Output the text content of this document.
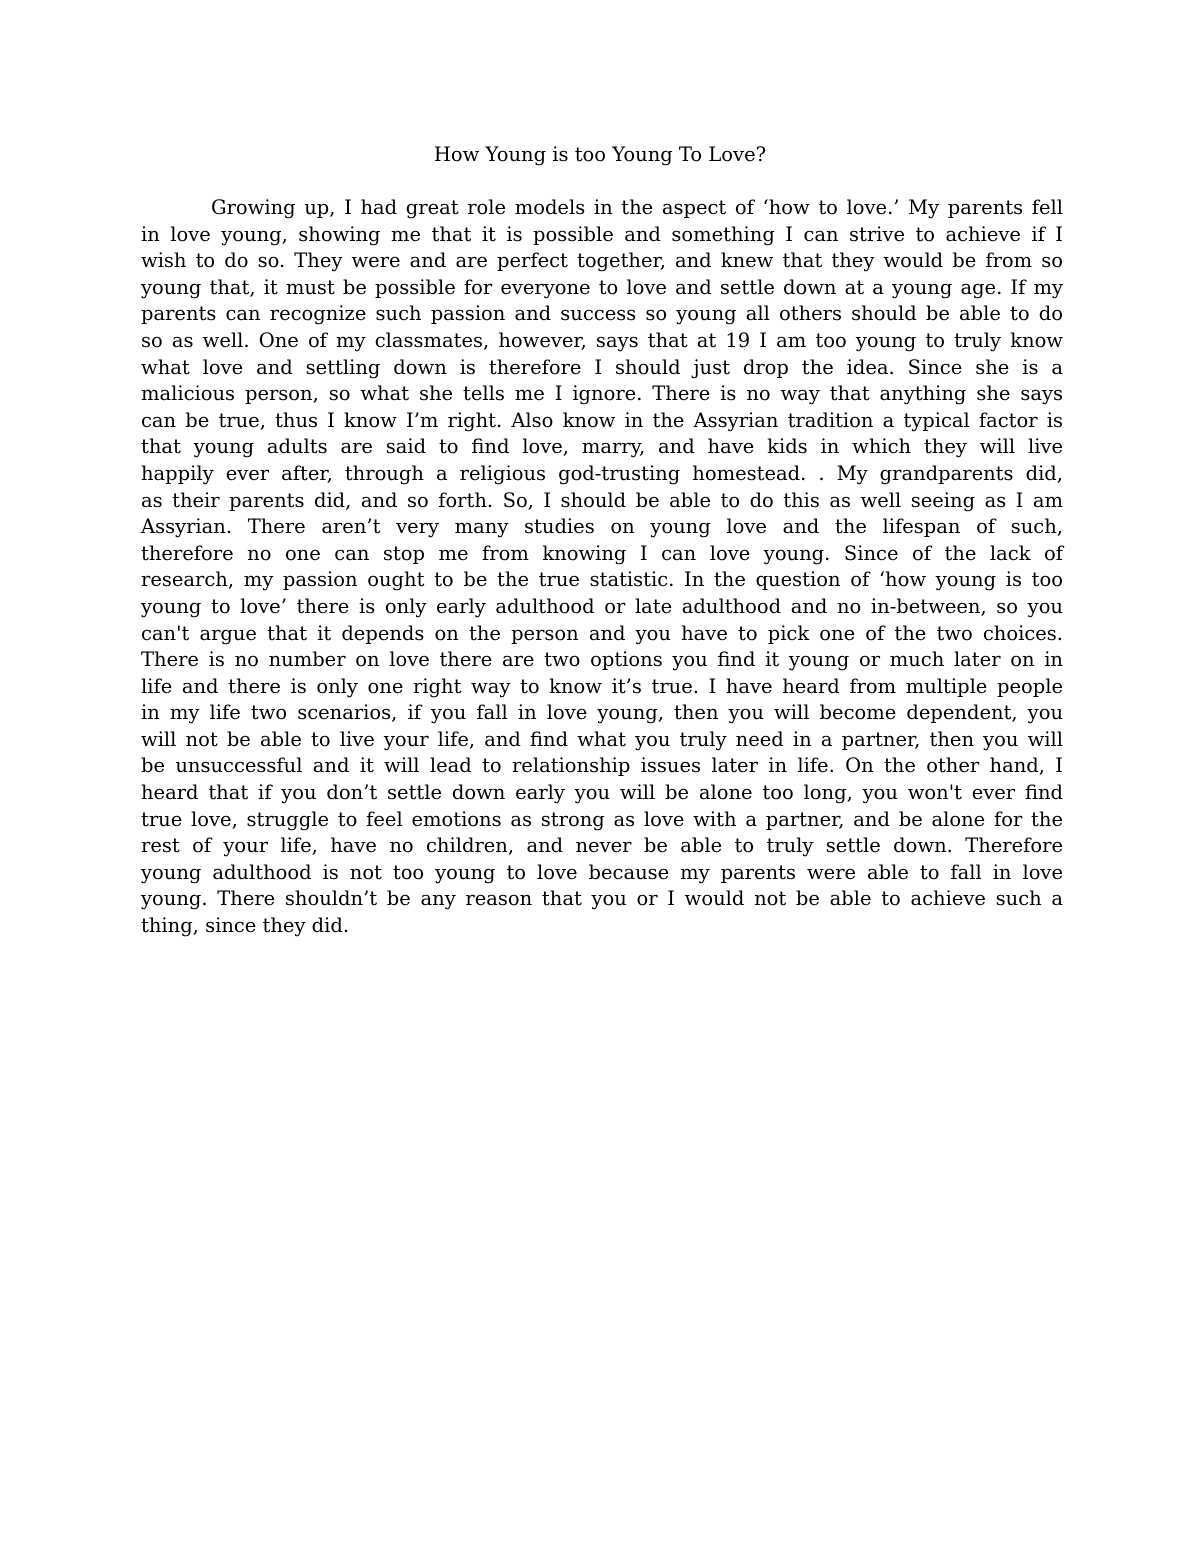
How Young is too Young To Love?
Growing up, I had great role models in the aspect of ‘how to love.’ My parents fell
in love young, showing me that it is possible and something I can strive to achieve if I
wish to do so. They were and are perfect together, and knew that they would be from so
young that, it must be possible for everyone to love and settle down at a young age. If my
parents can recognize such passion and success so young all others should be able to do
so as well. One of my classmates, however, says that at 19 I am too young to truly know
what love and settling down is therefore I should just drop the idea. Since she is a
malicious person, so what she tells me I ignore. There is no way that anything she says
can be true, thus I know I’m right. Also know in the Assyrian tradition a typical factor is
that young adults are said to find love, marry, and have kids in which they will live
happily ever after, through a religious god-trusting homestead. . My grandparents did,
as their parents did, and so forth. So, I should be able to do this as well seeing as I am
Assyrian. There aren’t very many studies on young love and the lifespan of such,
therefore no one can stop me from knowing I can love young. Since of the lack of
research, my passion ought to be the true statistic. In the question of ‘how young is too
young to love’ there is only early adulthood or late adulthood and no in-between, so you
can't argue that it depends on the person and you have to pick one of the two choices.
There is no number on love there are two options you find it young or much later on in
life and there is only one right way to know it’s true. I have heard from multiple people
in my life two scenarios, if you fall in love young, then you will become dependent, you
will not be able to live your life, and find what you truly need in a partner, then you will
be unsuccessful and it will lead to relationship issues later in life. On the other hand, I
heard that if you don’t settle down early you will be alone too long, you won't ever find
true love, struggle to feel emotions as strong as love with a partner, and be alone for the
rest of your life, have no children, and never be able to truly settle down. Therefore
young adulthood is not too young to love because my parents were able to fall in love
young. There shouldn’t be any reason that you or I would not be able to achieve such a
thing, since they did.
